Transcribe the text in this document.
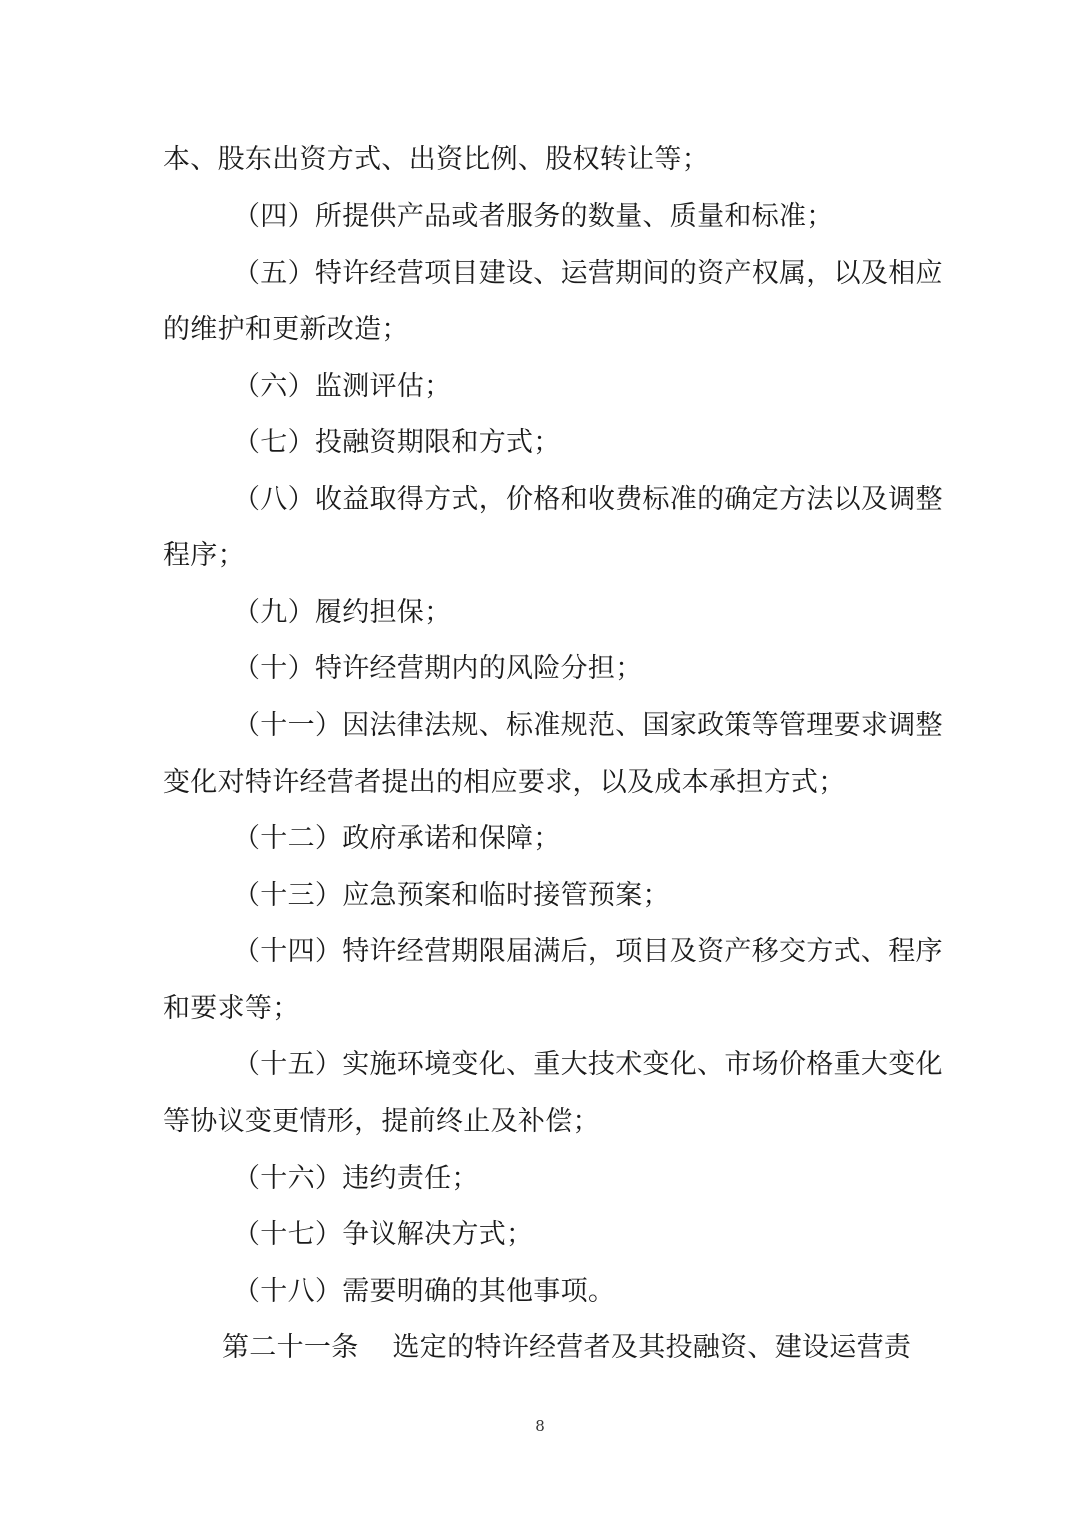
本、股东出资方式、出资比例、股权转让等；
（四）所提供产品或者服务的数量、质量和标准；
（五）特许经营项目建设、运营期间的资产权属，以及相应
的维护和更新改造；
（六）监测评估；
（七）投融资期限和方式；
（八）收益取得方式，价格和收费标准的确定方法以及调整
程序；
（九）履约担保；
（十）特许经营期内的风险分担；
（十一）因法律法规、标准规范、国家政策等管理要求调整
变化对特许经营者提出的相应要求，以及成本承担方式；
（十二）政府承诺和保障；
（十三）应急预案和临时接管预案；
（十四）特许经营期限届满后，项目及资产移交方式、程序
和要求等；
（十五）实施环境变化、重大技术变化、市场价格重大变化
等协议变更情形，提前终止及补偿；
（十六）违约责任；
（十七）争议解决方式；
（十八）需要明确的其他事项。
第二十一条 选定的特许经营者及其投融资、建设运营责
8
